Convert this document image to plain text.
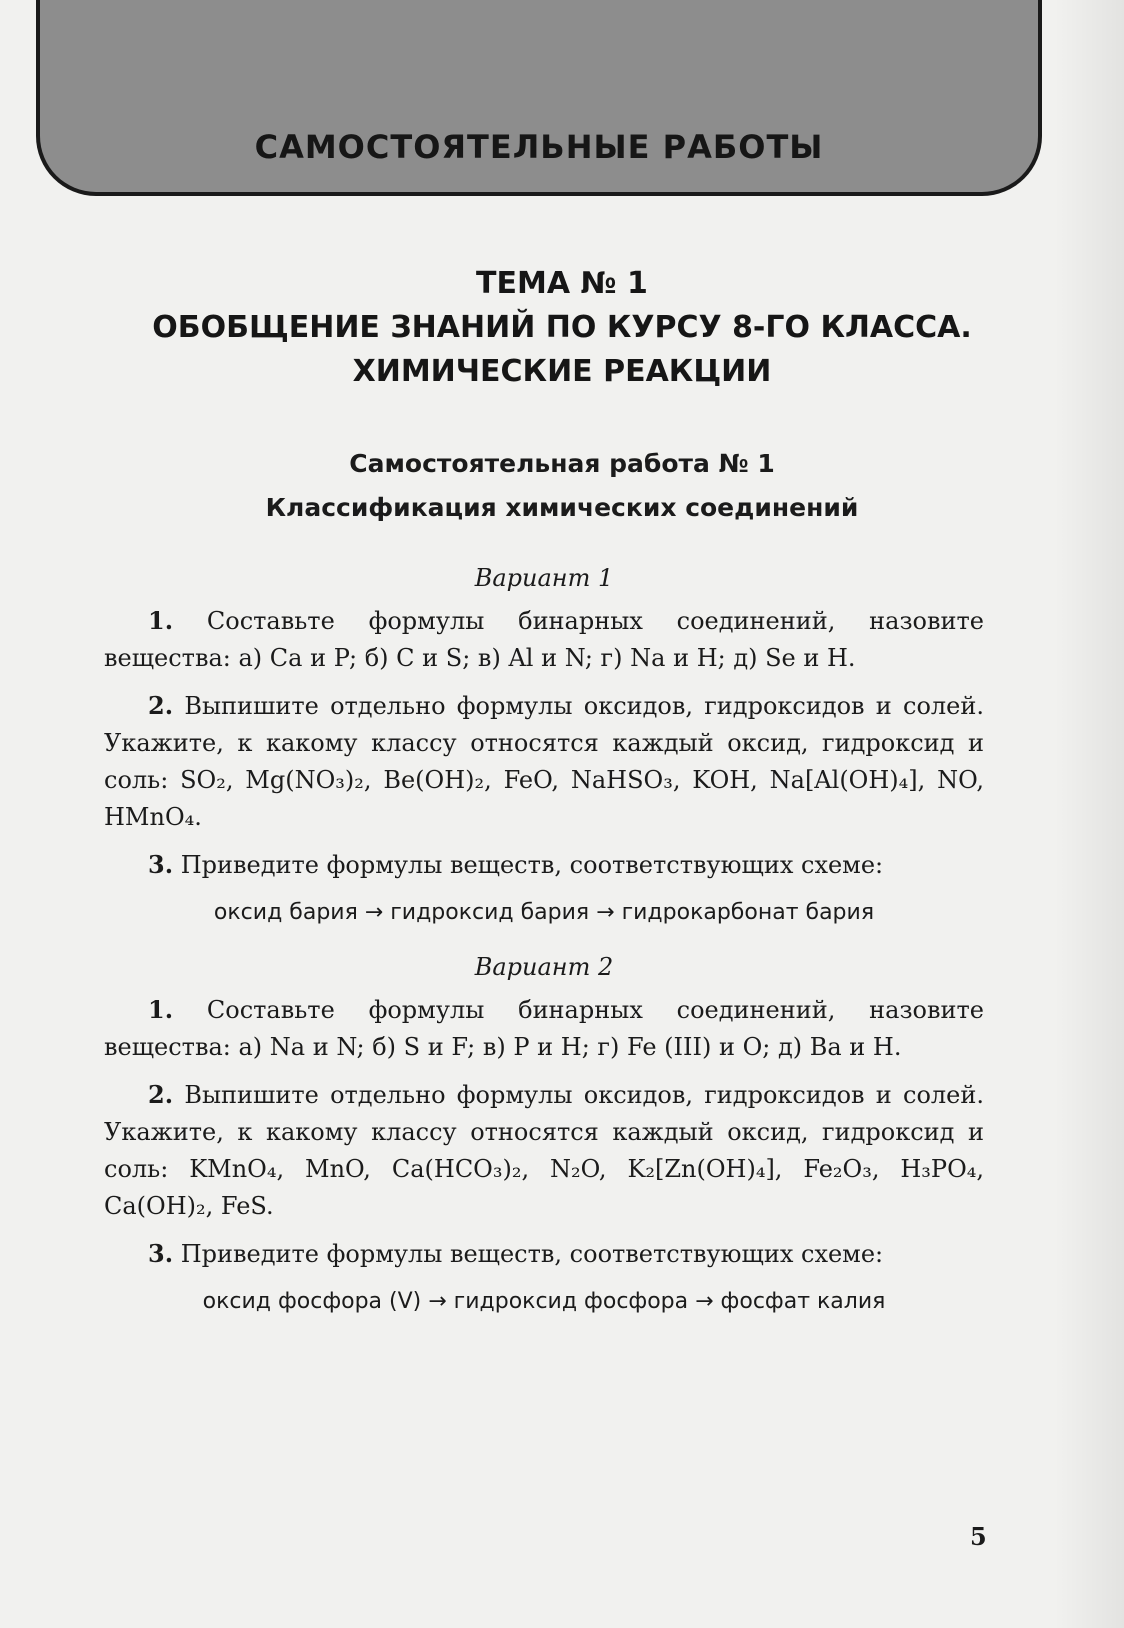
САМОСТОЯТЕЛЬНЫЕ РАБОТЫ
ТЕМА № 1
ОБОБЩЕНИЕ ЗНАНИЙ ПО КУРСУ 8-ГО КЛАССА.
ХИМИЧЕСКИЕ РЕАКЦИИ
Самостоятельная работа № 1
Классификация химических соединений
Вариант 1

1. Составьте формулы бинарных соединений, назовите вещества: а) Ca и P; б) C и S; в) Al и N; г) Na и H; д) Se и H.

2. Выпишите отдельно формулы оксидов, гидроксидов и солей. Укажите, к какому классу относятся каждый оксид, гидроксид и соль: SO₂, Mg(NO₃)₂, Be(OH)₂, FeO, NaHSO₃, KOH, Na[Al(OH)₄], NO, HMnO₄.

3. Приведите формулы веществ, соответствующих схеме:

оксид бария → гидроксид бария → гидрокарбонат бария
Вариант 2

1. Составьте формулы бинарных соединений, назовите вещества: а) Na и N; б) S и F; в) P и H; г) Fe (III) и O; д) Ba и H.

2. Выпишите отдельно формулы оксидов, гидроксидов и солей. Укажите, к какому классу относятся каждый оксид, гидроксид и соль: KMnO₄, MnO, Ca(HCO₃)₂, N₂O, K₂[Zn(OH)₄], Fe₂O₃, H₃PO₄, Ca(OH)₂, FeS.

3. Приведите формулы веществ, соответствующих схеме:

оксид фосфора (V) → гидроксид фосфора → фосфат калия
5
